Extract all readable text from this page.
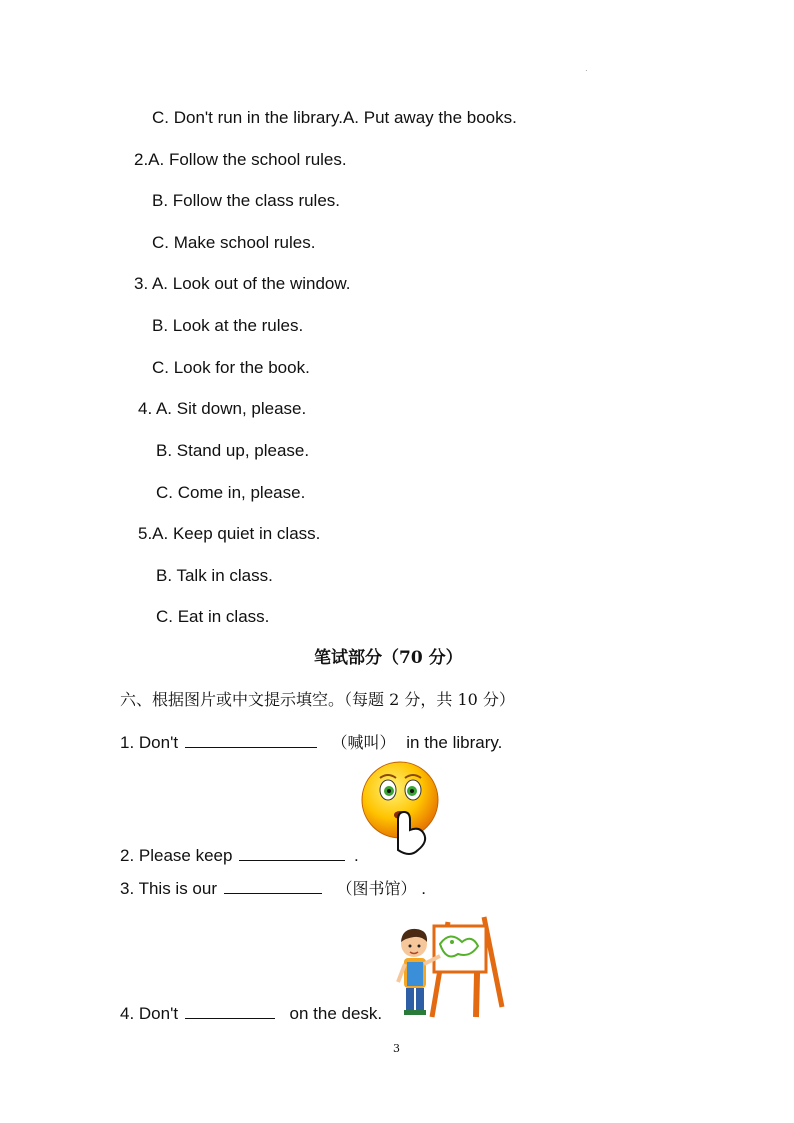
·
C. Don't run in the library.A. Put away the books.
2.A. Follow the school rules.
B. Follow the class rules.
C. Make school rules.
3. A. Look out of the window.
B. Look at the rules.
C. Look for the book.
4. A. Sit down, please.
B. Stand up, please.
C. Come in, please.
5.A. Keep quiet in class.
B. Talk in class.
C. Eat in class.
笔试部分（70 分）
六、根据图片或中文提示填空。（每题 2 分，共 10 分）
1. Don't	（喊叫） in the library.
2. Please keep	.
3. This is our	（图书馆） .
4. Don't	on the desk.
3
